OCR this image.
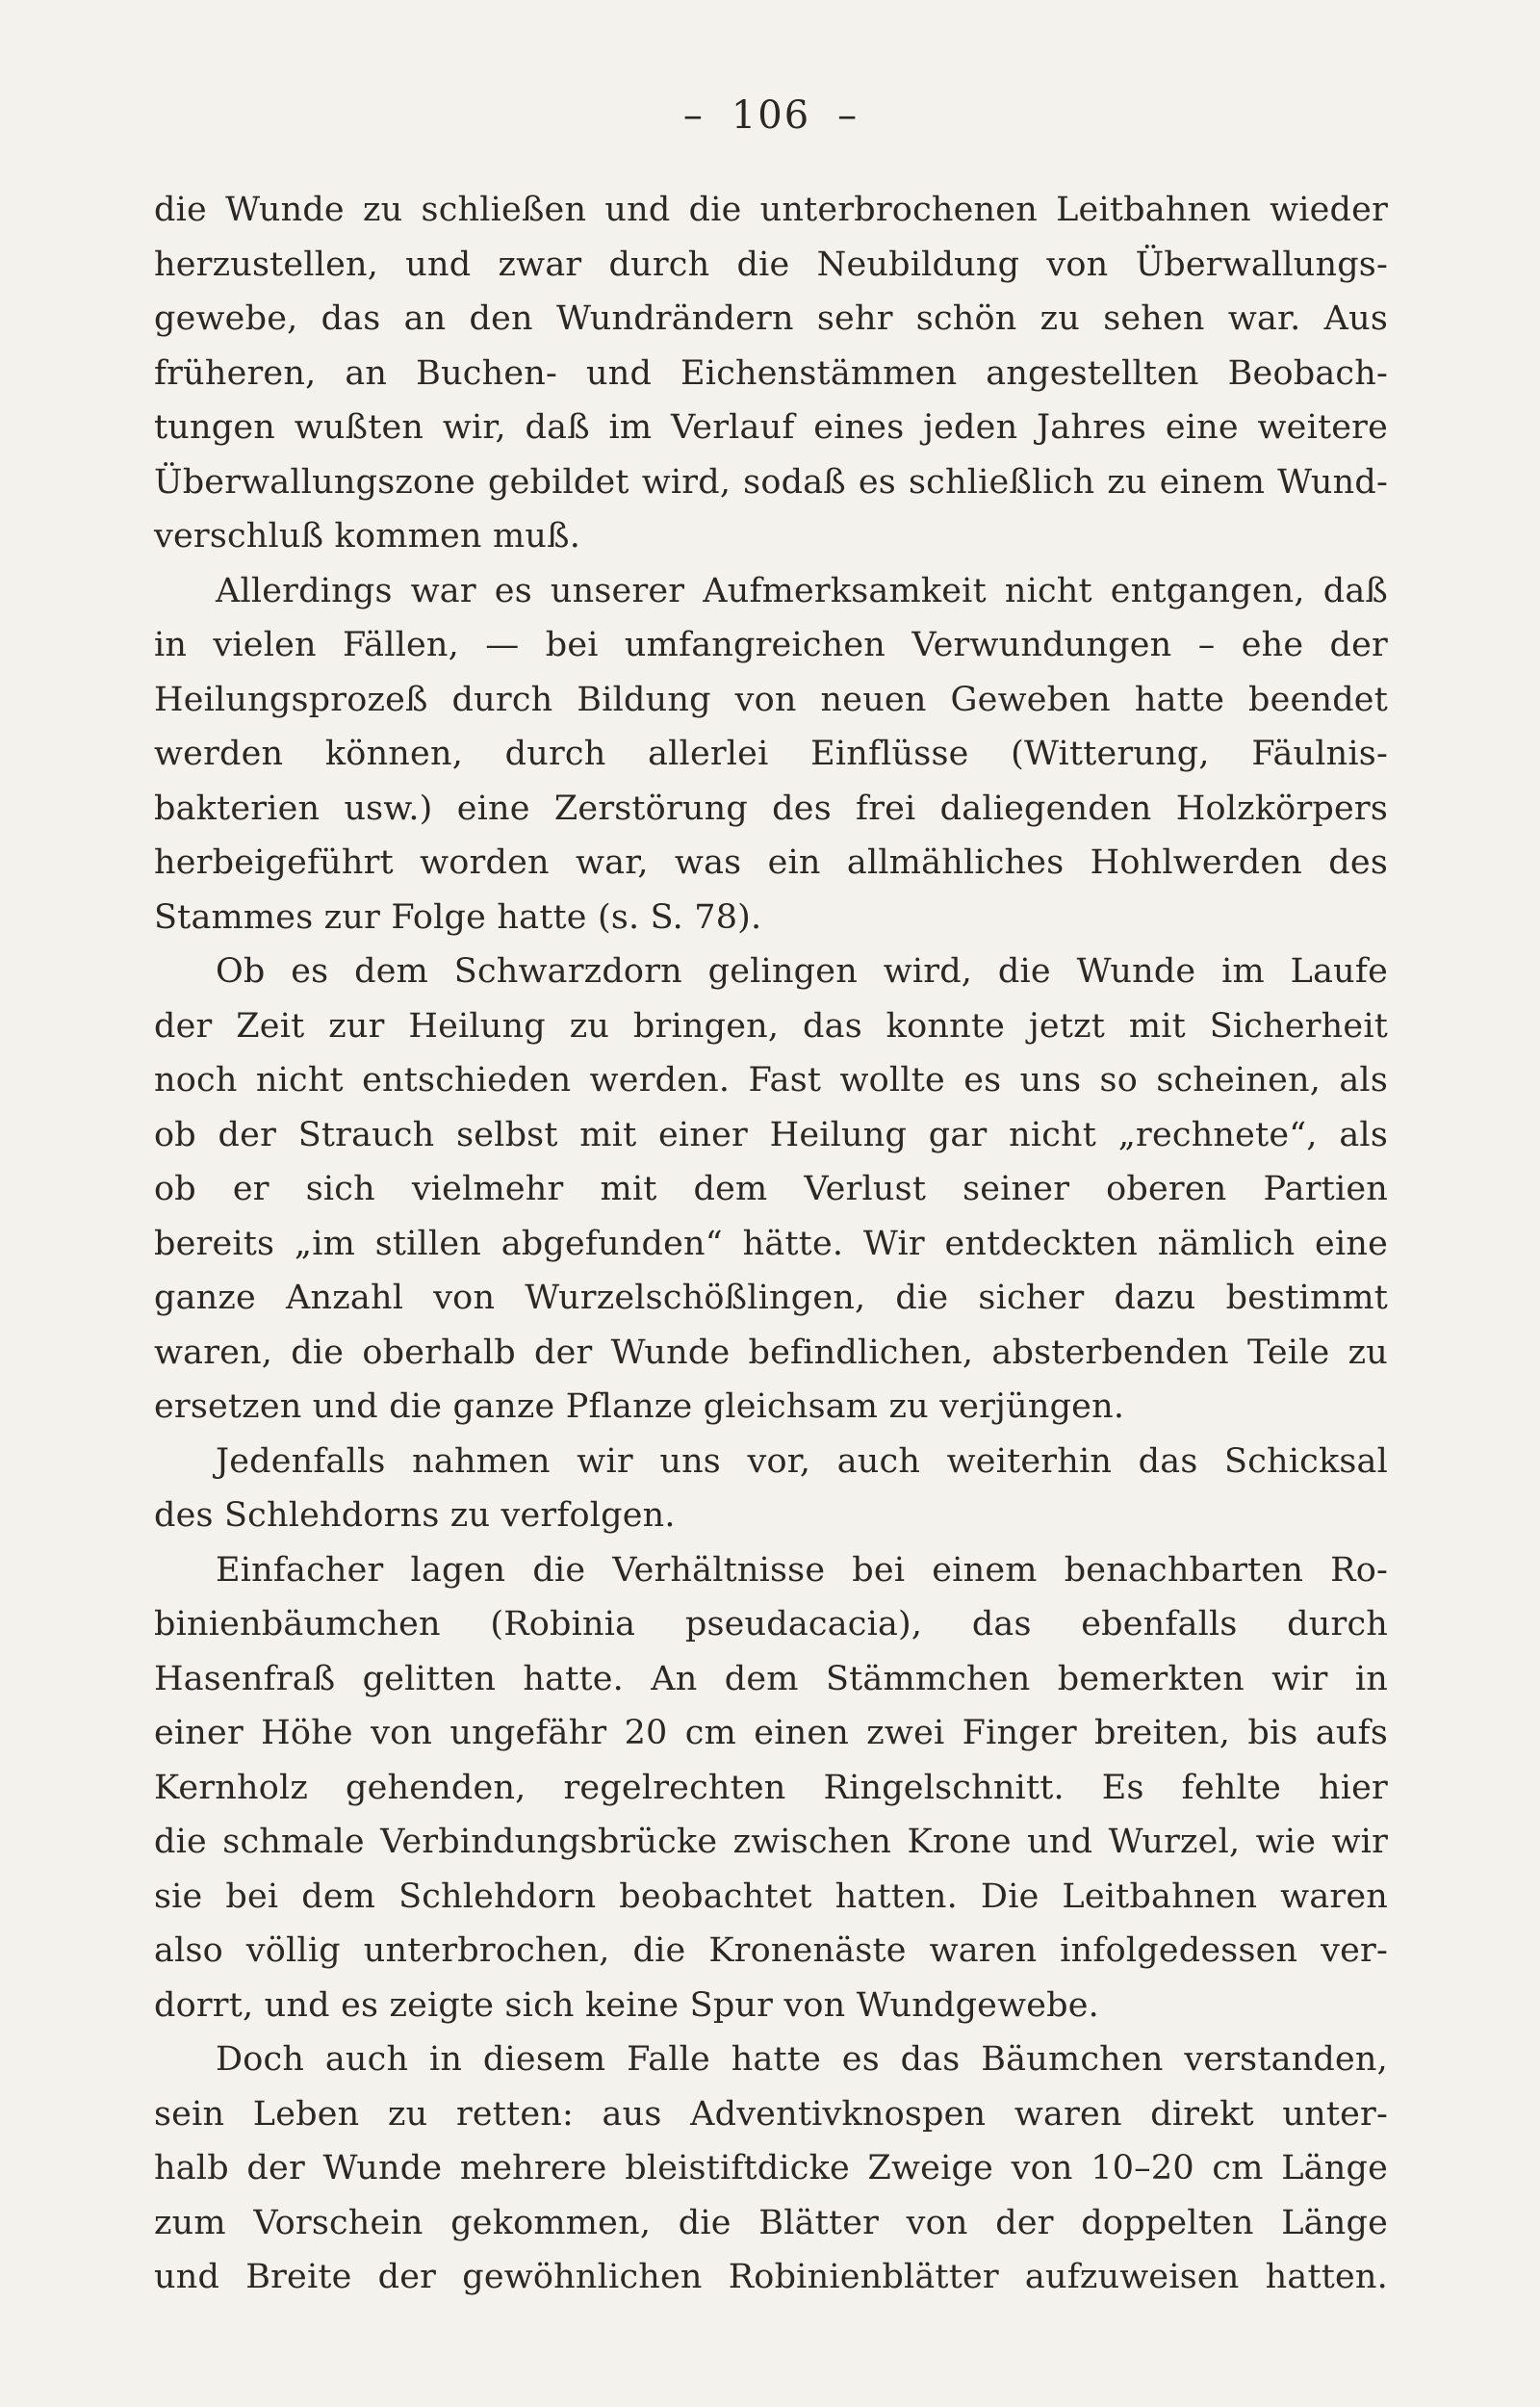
– 106 –
die Wunde zu schließen und die unterbrochenen Leitbahnen wieder
herzustellen, und zwar durch die Neubildung von Überwallungs-
gewebe, das an den Wundrändern sehr schön zu sehen war. Aus
früheren, an Buchen- und Eichenstämmen angestellten Beobach-
tungen wußten wir, daß im Verlauf eines jeden Jahres eine weitere
Überwallungszone gebildet wird, sodaß es schließlich zu einem Wund-
verschluß kommen muß.
Allerdings war es unserer Aufmerksamkeit nicht entgangen, daß
in vielen Fällen, — bei umfangreichen Verwundungen – ehe der
Heilungsprozeß durch Bildung von neuen Geweben hatte beendet
werden können, durch allerlei Einflüsse (Witterung, Fäulnis-
bakterien usw.) eine Zerstörung des frei daliegenden Holzkörpers
herbeigeführt worden war, was ein allmähliches Hohlwerden des
Stammes zur Folge hatte (s. S. 78).
Ob es dem Schwarzdorn gelingen wird, die Wunde im Laufe
der Zeit zur Heilung zu bringen, das konnte jetzt mit Sicherheit
noch nicht entschieden werden. Fast wollte es uns so scheinen, als
ob der Strauch selbst mit einer Heilung gar nicht „rechnete“, als
ob er sich vielmehr mit dem Verlust seiner oberen Partien
bereits „im stillen abgefunden“ hätte. Wir entdeckten nämlich eine
ganze Anzahl von Wurzelschößlingen, die sicher dazu bestimmt
waren, die oberhalb der Wunde befindlichen, absterbenden Teile zu
ersetzen und die ganze Pflanze gleichsam zu verjüngen.
Jedenfalls nahmen wir uns vor, auch weiterhin das Schicksal
des Schlehdorns zu verfolgen.
Einfacher lagen die Verhältnisse bei einem benachbarten Ro-
binienbäumchen (Robinia pseudacacia), das ebenfalls durch
Hasenfraß gelitten hatte. An dem Stämmchen bemerkten wir in
einer Höhe von ungefähr 20 cm einen zwei Finger breiten, bis aufs
Kernholz gehenden, regelrechten Ringelschnitt. Es fehlte hier
die schmale Verbindungsbrücke zwischen Krone und Wurzel, wie wir
sie bei dem Schlehdorn beobachtet hatten. Die Leitbahnen waren
also völlig unterbrochen, die Kronenäste waren infolgedessen ver-
dorrt, und es zeigte sich keine Spur von Wundgewebe.
Doch auch in diesem Falle hatte es das Bäumchen verstanden,
sein Leben zu retten: aus Adventivknospen waren direkt unter-
halb der Wunde mehrere bleistiftdicke Zweige von 10–20 cm Länge
zum Vorschein gekommen, die Blätter von der doppelten Länge
und Breite der gewöhnlichen Robinienblätter aufzuweisen hatten.
